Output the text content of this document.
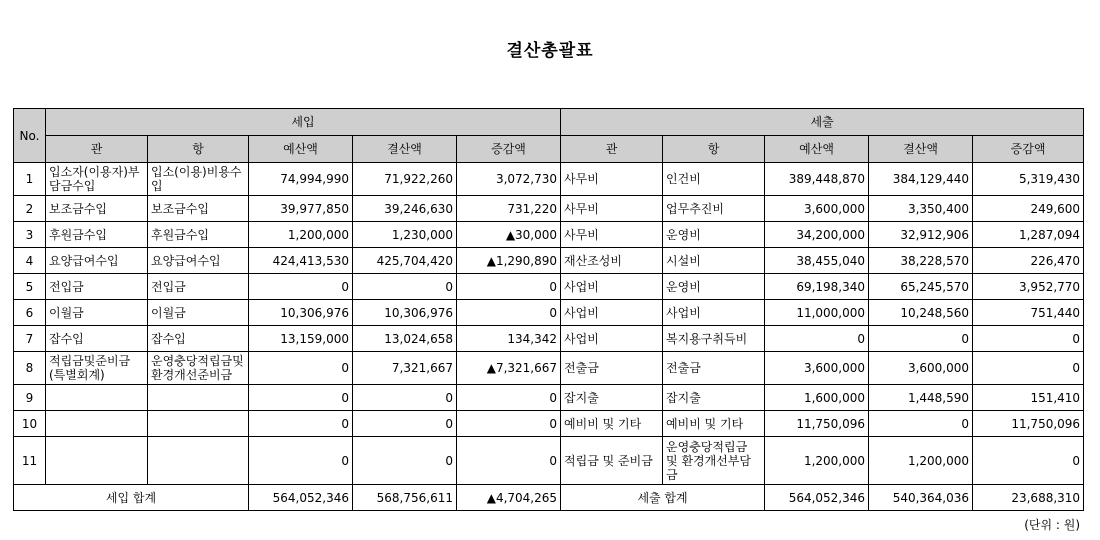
결산총괄표
No.	세입					세출				
	관	항	예산액	결산액	증감액	관	항	예산액	결산액	증감액
1	입소자(이용자)부담금수입	입소(이용)비용수입	74,994,990	71,922,260	3,072,730	사무비	인건비	389,448,870	384,129,440	5,319,430
2	보조금수입	보조금수입	39,977,850	39,246,630	731,220	사무비	업무추진비	3,600,000	3,350,400	249,600
3	후원금수입	후원금수입	1,200,000	1,230,000	▲30,000	사무비	운영비	34,200,000	32,912,906	1,287,094
4	요양급여수입	요양급여수입	424,413,530	425,704,420	▲1,290,890	재산조성비	시설비	38,455,040	38,228,570	226,470
5	전입금	전입금	0	0	0	사업비	운영비	69,198,340	65,245,570	3,952,770
6	이월금	이월금	10,306,976	10,306,976	0	사업비	사업비	11,000,000	10,248,560	751,440
7	잡수입	잡수입	13,159,000	13,024,658	134,342	사업비	복지용구취득비	0	0	0
8	적립금및준비금(특별회계)	운영충당적립금및환경개선준비금	0	7,321,667	▲7,321,667	전출금	전출금	3,600,000	3,600,000	0
9			0	0	0	잡지출	잡지출	1,600,000	1,448,590	151,410
10			0	0	0	예비비 및 기타	예비비 및 기타	11,750,096	0	11,750,096
11			0	0	0	적립금 및 준비금	운영충당적립금 및 환경개선부담금	1,200,000	1,200,000	0
세입 합계			564,052,346	568,756,611	▲4,704,265	세출 합계		564,052,346	540,364,036	23,688,310
(단위 : 원)
